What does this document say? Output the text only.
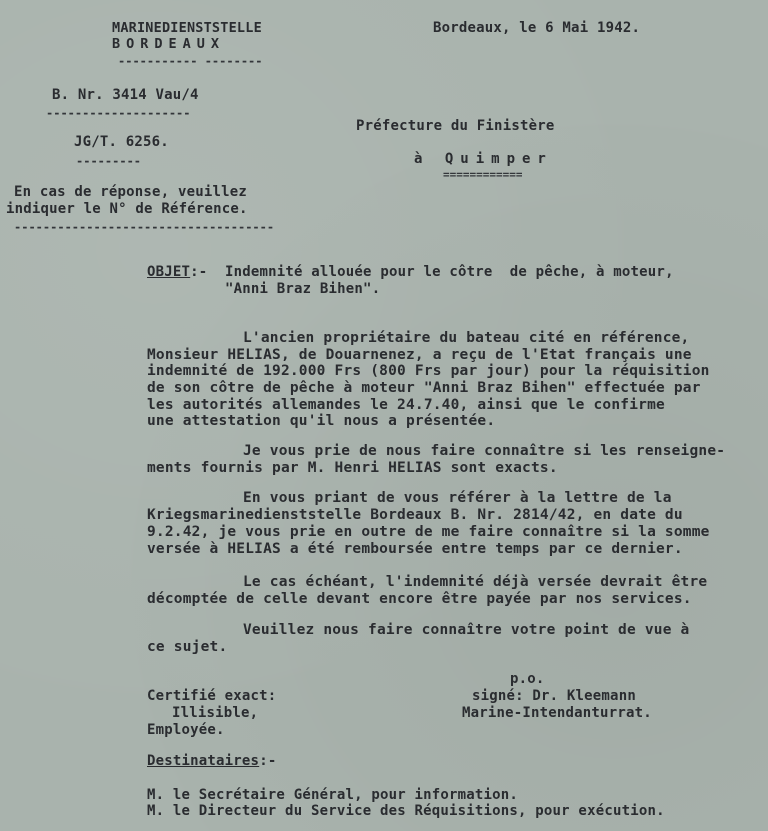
MARINEDIENSTSTELLE
BORDEAUX
----------- --------
B. Nr. 3414 Vau/4
--------------------
JG/T. 6256.
---------
En cas de réponse, veuillez
indiquer le N° de Référence.
------------------------------------
Bordeaux, le 6 Mai 1942.
Préfecture du Finistère
à Quimper
============
OBJET:- Indemnité allouée pour le côtre  de pêche, à moteur,
"Anni Braz Bihen".
L'ancien propriétaire du bateau cité en référence,
Monsieur HELIAS, de Douarnenez, a reçu de l'Etat français une
indemnité de 192.000 Frs (800 Frs par jour) pour la réquisition
de son côtre de pêche à moteur "Anni Braz Bihen" effectuée par
les autorités allemandes le 24.7.40, ainsi que le confirme
une attestation qu'il nous a présentée.
Je vous prie de nous faire connaître si les renseigne-
ments fournis par M. Henri HELIAS sont exacts.
En vous priant de vous référer à la lettre de la
Kriegsmarinedienststelle Bordeaux B. Nr. 2814/42, en date du
9.2.42, je vous prie en outre de me faire connaître si la somme
versée à HELIAS a été remboursée entre temps par ce dernier.
Le cas échéant, l'indemnité déjà versée devrait être
décomptée de celle devant encore être payée par nos services.
Veuillez nous faire connaître votre point de vue à
ce sujet.
p.o.
signé: Dr. Kleemann
Marine-Intendanturrat.
Certifié exact:
Illisible,
Employée.
Destinataires:-
M. le Secrétaire Général, pour information.
M. le Directeur du Service des Réquisitions, pour exécution.
